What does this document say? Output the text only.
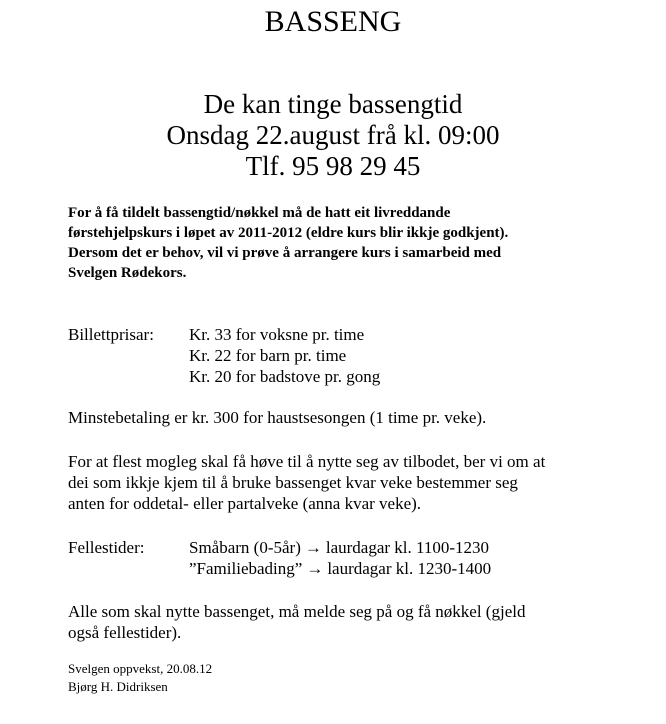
BASSENG
De kan tinge bassengtid
Onsdag 22.august frå kl. 09:00
Tlf. 95 98 29 45
For å få tildelt bassengtid/nøkkel må de hatt eit livreddande
førstehjelpskurs i løpet av 2011-2012 (eldre kurs blir ikkje godkjent).
Dersom det er behov, vil vi prøve å arrangere kurs i samarbeid med
Svelgen Rødekors.
Billettprisar: Kr. 33 for voksne pr. time
Kr. 22 for barn pr. time
Kr. 20 for badstove pr. gong
Minstebetaling er kr. 300 for haustsesongen (1 time pr. veke).
For at flest mogleg skal få høve til å nytte seg av tilbodet, ber vi om at
dei som ikkje kjem til å bruke bassenget kvar veke bestemmer seg
anten for oddetal- eller partalveke (anna kvar veke).
Fellestider:	Småbarn (0-5år) → laurdagar kl. 1100-1230
”Familiebading” → laurdagar kl. 1230-1400
Alle som skal nytte bassenget, må melde seg på og få nøkkel (gjeld
også fellestider).
Svelgen oppvekst, 20.08.12
Bjørg H. Didriksen
